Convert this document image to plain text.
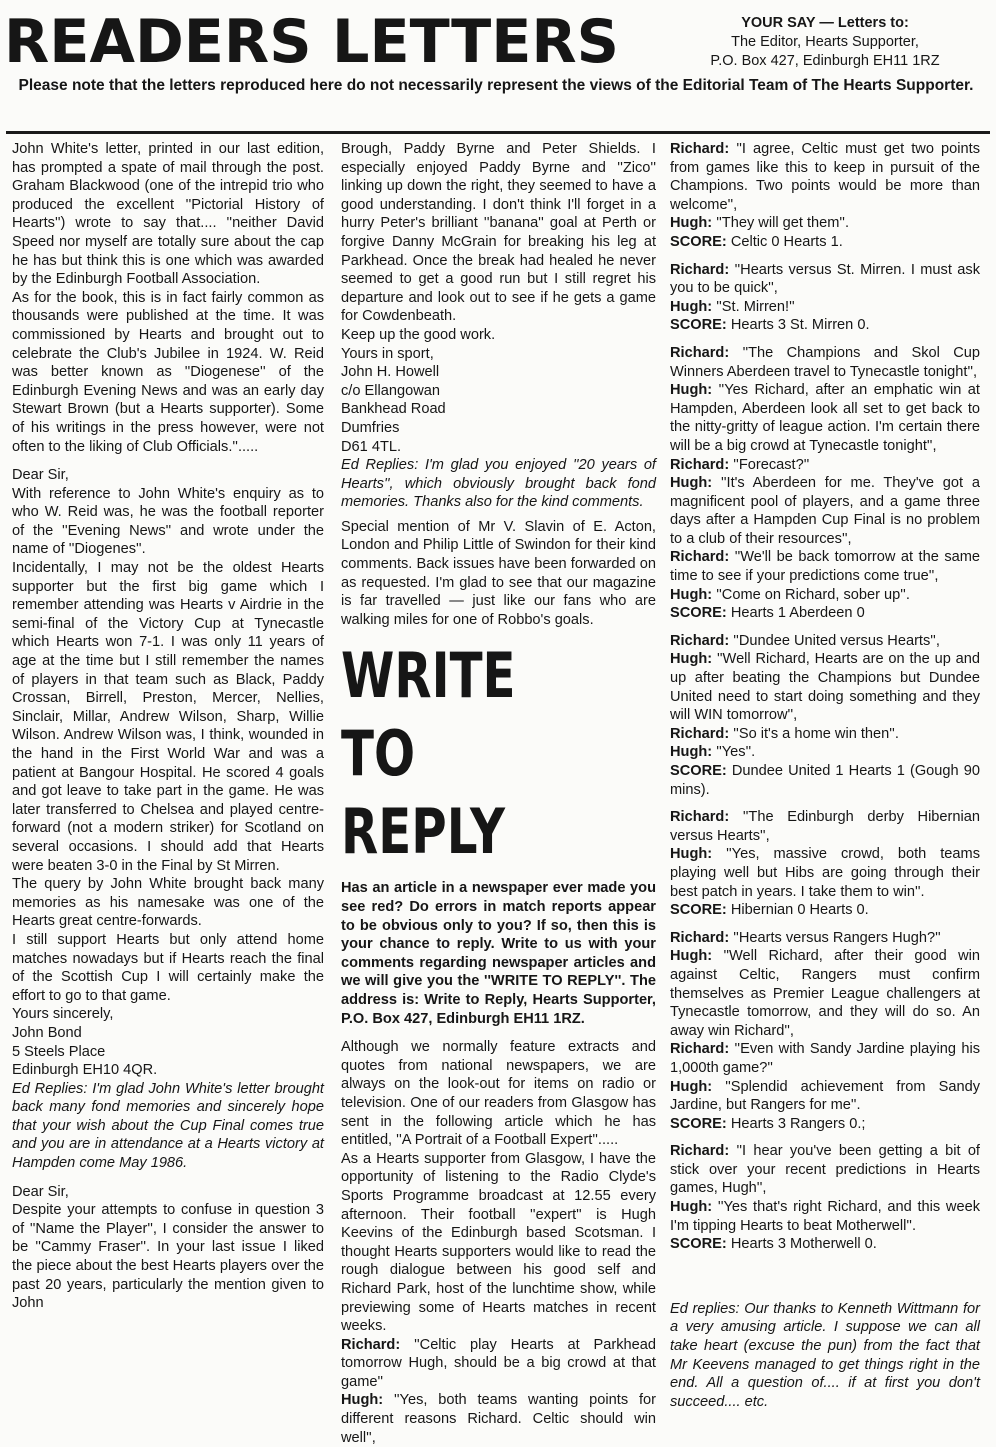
READERS LETTERS	YOUR SAY — Letters to:
The Editor, Hearts Supporter,
P.O. Box 427, Edinburgh EH11 1RZ
Please note that the letters reproduced here do not necessarily represent the views of the Editorial Team of The Hearts Supporter.

John White's letter, printed in our last edition, has prompted a spate of mail through the post. Graham Blackwood (one of the intrepid trio who produced the excellent ''Pictorial History of Hearts'') wrote to say that.... ''neither David Speed nor myself are totally sure about the cap he has but think this is one which was awarded by the Edinburgh Football Association.

As for the book, this is in fact fairly common as thousands were published at the time. It was commissioned by Hearts and brought out to celebrate the Club's Jubilee in 1924. W. Reid was better known as ''Diogenese'' of the Edinburgh Evening News and was an early day Stewart Brown (but a Hearts supporter). Some of his writings in the press however, were not often to the liking of Club Officials.''.....

Dear Sir,

With reference to John White's enquiry as to who W. Reid was, he was the football reporter of the ''Evening News'' and wrote under the name of ''Diogenes''.

Incidentally, I may not be the oldest Hearts supporter but the first big game which I remember attending was Hearts v Airdrie in the semi-final of the Victory Cup at Tynecastle which Hearts won 7-1. I was only 11 years of age at the time but I still remember the names of players in that team such as Black, Paddy Crossan, Birrell, Preston, Mercer, Nellies, Sinclair, Millar, Andrew Wilson, Sharp, Willie Wilson. Andrew Wilson was, I think, wounded in the hand in the First World War and was a patient at Bangour Hospital. He scored 4 goals and got leave to take part in the game. He was later transferred to Chelsea and played centre-forward (not a modern striker) for Scotland on several occasions. I should add that Hearts were beaten 3-0 in the Final by St Mirren.

The query by John White brought back many memories as his namesake was one of the Hearts great centre-forwards.

I still support Hearts but only attend home matches nowadays but if Hearts reach the final of the Scottish Cup I will certainly make the effort to go to that game.

Yours sincerely,
John Bond
5 Steels Place
Edinburgh EH10 4QR.

Ed Replies: I'm glad John White's letter brought back many fond memories and sincerely hope that your wish about the Cup Final comes true and you are in attendance at a Hearts victory at Hampden come May 1986.

Dear Sir,

Despite your attempts to confuse in question 3 of ''Name the Player'', I consider the answer to be ''Cammy Fraser''. In your last issue I liked the piece about the best Hearts players over the past 20 years, particularly the mention given to John

Brough, Paddy Byrne and Peter Shields. I especially enjoyed Paddy Byrne and ''Zico'' linking up down the right, they seemed to have a good understanding. I don't think I'll forget in a hurry Peter's brilliant ''banana'' goal at Perth or forgive Danny McGrain for breaking his leg at Parkhead. Once the break had healed he never seemed to get a good run but I still regret his departure and look out to see if he gets a game for Cowdenbeath.

Keep up the good work.

Yours in sport,
John H. Howell
c/o Ellangowan
Bankhead Road
Dumfries
D61 4TL.

Ed Replies: I'm glad you enjoyed ''20 years of Hearts'', which obviously brought back fond memories. Thanks also for the kind comments.

Special mention of Mr V. Slavin of E. Acton, London and Philip Little of Swindon for their kind comments. Back issues have been forwarded on as requested. I'm glad to see that our magazine is far travelled — just like our fans who are walking miles for one of Robbo's goals.

WRITE TO
REPLY

Has an article in a newspaper ever made you see red? Do errors in match reports appear to be obvious only to you? If so, then this is your chance to reply. Write to us with your comments regarding newspaper articles and we will give you the ''WRITE TO REPLY''. The address is: Write to Reply, Hearts Supporter, P.O. Box 427, Edinburgh EH11 1RZ.

Although we normally feature extracts and quotes from national newspapers, we are always on the look-out for items on radio or television. One of our readers from Glasgow has sent in the following article which he has entitled, ''A Portrait of a Football Expert''.....

As a Hearts supporter from Glasgow, I have the opportunity of listening to the Radio Clyde's Sports Programme broadcast at 12.55 every afternoon. Their football ''expert'' is Hugh Keevins of the Edinburgh based Scotsman. I thought Hearts supporters would like to read the rough dialogue between his good self and Richard Park, host of the lunchtime show, while previewing some of Hearts matches in recent weeks.

Richard: ''Celtic play Hearts at Parkhead tomorrow Hugh, should be a big crowd at that game''

Hugh: ''Yes, both teams wanting points for different reasons Richard. Celtic should win well'',

Richard: ''I agree, Celtic must get two points from games like this to keep in pursuit of the Champions. Two points would be more than welcome'',

Hugh: ''They will get them''.

SCORE: Celtic 0 Hearts 1.

Richard: ''Hearts versus St. Mirren. I must ask you to be quick'',

Hugh: ''St. Mirren!''

SCORE: Hearts 3 St. Mirren 0.

Richard: ''The Champions and Skol Cup Winners Aberdeen travel to Tynecastle tonight'',

Hugh: ''Yes Richard, after an emphatic win at Hampden, Aberdeen look all set to get back to the nitty-gritty of league action. I'm certain there will be a big crowd at Tynecastle tonight'',

Richard: ''Forecast?''

Hugh: ''It's Aberdeen for me. They've got a magnificent pool of players, and a game three days after a Hampden Cup Final is no problem to a club of their resources'',

Richard: ''We'll be back tomorrow at the same time to see if your predictions come true'',

Hugh: ''Come on Richard, sober up''.

SCORE: Hearts 1 Aberdeen 0

Richard: ''Dundee United versus Hearts'',

Hugh: ''Well Richard, Hearts are on the up and up after beating the Champions but Dundee United need to start doing something and they will WIN tomorrow'',

Richard: ''So it's a home win then''.

Hugh: ''Yes''.

SCORE: Dundee United 1 Hearts 1 (Gough 90 mins).

Richard: ''The Edinburgh derby Hibernian versus Hearts'',

Hugh: ''Yes, massive crowd, both teams playing well but Hibs are going through their best patch in years. I take them to win''.

SCORE: Hibernian 0 Hearts 0.

Richard: ''Hearts versus Rangers Hugh?''

Hugh: ''Well Richard, after their good win against Celtic, Rangers must confirm themselves as Premier League challengers at Tynecastle tomorrow, and they will do so. An away win Richard'',

Richard: ''Even with Sandy Jardine playing his 1,000th game?''

Hugh: ''Splendid achievement from Sandy Jardine, but Rangers for me''.

SCORE: Hearts 3 Rangers 0.;

Richard: ''I hear you've been getting a bit of stick over your recent predictions in Hearts games, Hugh'',

Hugh: ''Yes that's right Richard, and this week I'm tipping Hearts to beat Motherwell''.

SCORE: Hearts 3 Motherwell 0.

Ed replies: Our thanks to Kenneth Wittmann for a very amusing article. I suppose we can all take heart (excuse the pun) from the fact that Mr Keevens managed to get things right in the end. All a question of.... if at first you don't succeed.... etc.
